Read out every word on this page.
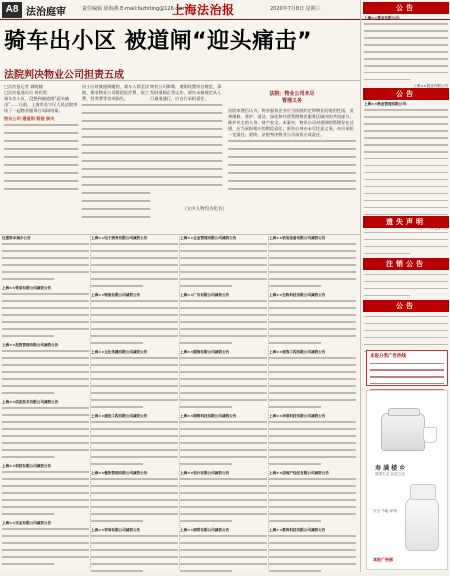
A8 法治庭审	责任编辑 徐海燕 E-mail:fazhiting@126.com
上海法治报	2020年7月8日 星期三
骑车出小区 被道闸“迎头痛击”
法院判决物业公司担责五成
□法治报记者 翁晓婕
□法治报通讯员 黄彩霞
骑车出小区，没想到被道闸“迎头痛击”……日前，上海市长宁区人民法院审结了一起物业服务合同纠纷案。
物业公司 遭道闸 赔偿 损失
出小区时被道闸砸伤，骑车人诉至法院，要求物业公司赔偿医疗费、误工费、营养费等各项损失。
物业公司辩称，道闸设置符合规范，事发时道闸正常运作，原告未按规定从人行通道通行，应自行承担责任。
（文中人物均为化名）
法院：物业公司未尽
管理义务
法院审理后认为，物业服务企业应当按照约定和物业的使用性质，妥善维修、养护、清洁、绿化和经营管理物业服务区域内的共用部分，维护业主的人身、财产安全。本案中，物业公司对道闸的管理存在过错，应当承担相应的赔偿责任；原告自身亦未尽注意义务，亦应承担一定责任。最终，法院判决物业公司承担五成责任。
注册资本减少公告
上海××贸易有限公司减资公告
上海××投资管理有限公司减资公告
上海××信息技术有限公司减资公告
上海××科技有限公司减资公告
上海××实业有限公司减资公告
上海××电子商务有限公司减资公告
上海××物流有限公司减资公告
上海××文化传播有限公司减资公告
上海××建设工程有限公司减资公告
上海××餐饮管理有限公司减资公告
上海××咨询有限公司减资公告
上海××企业管理有限公司减资公告
上海××广告有限公司减资公告
上海××服饰有限公司减资公告
上海××网络科技有限公司减资公告
上海××设计有限公司减资公告
上海××商贸有限公司减资公告
上海××机电设备有限公司减资公告
上海××生物科技有限公司减资公告
上海××装饰工程有限公司减资公告
上海××环保科技有限公司减资公告
上海××房地产经纪有限公司减资公告
上海××教育科技有限公司减资公告
公告
上海××置业有限公司：
上海××置业有限公司
公告
上海××物业管理有限公司：
遗失声明
注销公告
公告
本报分类广告热线
寿 满 楼 乡
健康生活 品质之选
安全 节能 环保
本报广告部
